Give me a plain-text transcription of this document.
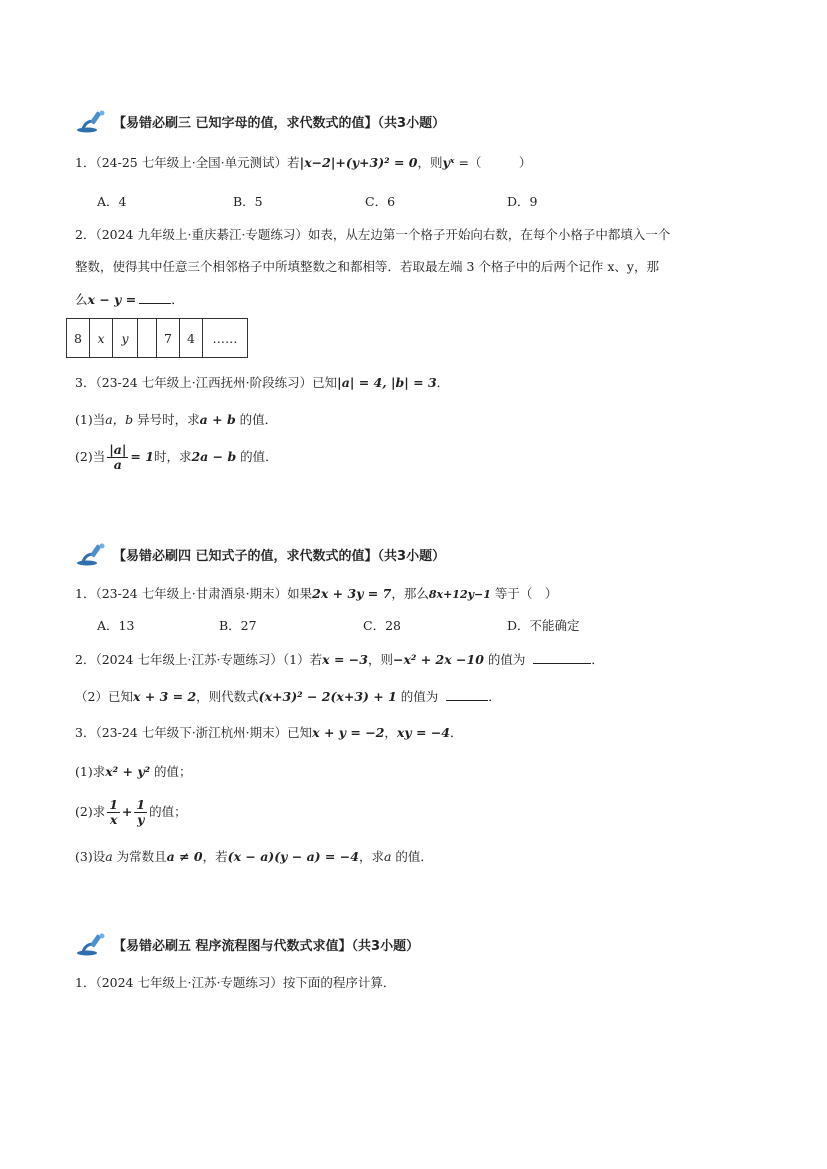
【易错必刷三 已知字母的值，求代数式的值】（共3小题）
1．（24-25 七年级上·全国·单元测试）若|x−2|+(y+3)² = 0，则yˣ =（　　　）
A．4	B．5	C．6	D．9
2．（2024 九年级上·重庆綦江·专题练习）如表，从左边第一个格子开始向右数，在每个小格子中都填入一个
整数，使得其中任意三个相邻格子中所填整数之和都相等．若取最左端 3 个格子中的后两个记作 x、y，那
么x − y =	．
8	x	y		7	4	……
3．（23-24 七年级上·江西抚州·阶段练习）已知|a| = 4, |b| = 3．
(1)当a，b 异号时，求a + b 的值．
(2)当 $\frac{|a|}{a} = 1$时，求2a − b 的值．
【易错必刷四 已知式子的值，求代数式的值】（共3小题）
1．（23-24 七年级上·甘肃酒泉·期末）如果2x + 3y = 7，那么8x+12y−1 等于（　）
A．13	B．27	C．28	D．不能确定
2．（2024 七年级上·江苏·专题练习）（1）若x = −3，则−x² + 2x −10 的值为	．
（2）已知x + 3 = 2，则代数式(x+3)² − 2(x+3) + 1 的值为	．
3．（23-24 七年级下·浙江杭州·期末）已知x + y = −2，xy = −4．
(1)求x² + y² 的值；
(2)求 $\frac{1}{x} + \frac{1}{y}$ 的值；
(3)设a 为常数且a ≠ 0，若(x − a)(y − a) = −4，求a 的值．
【易错必刷五 程序流程图与代数式求值】（共3小题）
1．（2024 七年级上·江苏·专题练习）按下面的程序计算．
